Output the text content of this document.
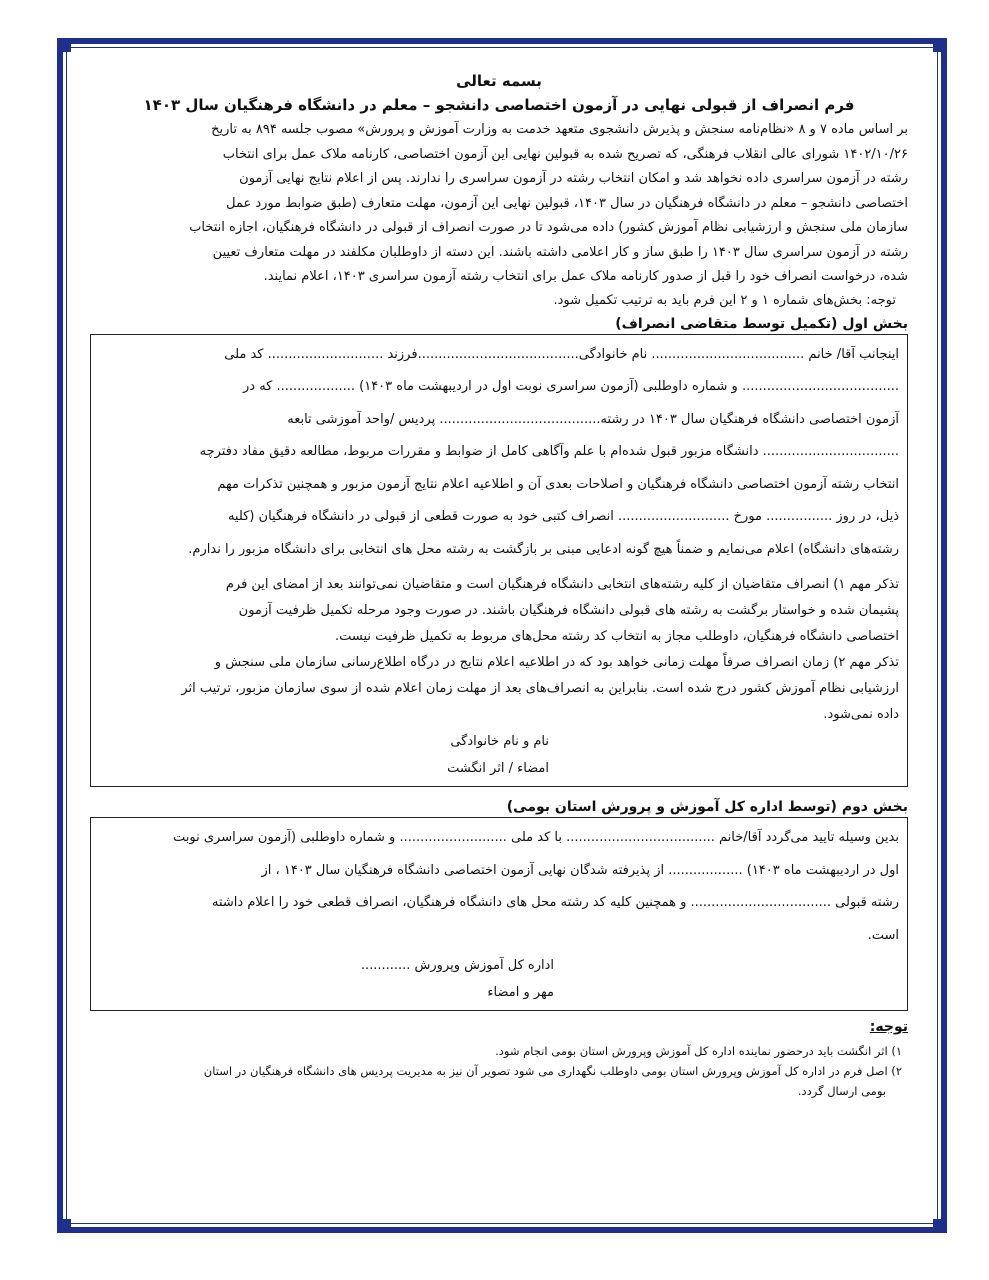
بسمه تعالی
فرم انصراف از قبولی نهایی در آزمون اختصاصی دانشجو – معلم در دانشگاه فرهنگیان سال ۱۴۰۳

بر اساس ماده ۷ و ۸ «نظام‌نامه سنجش و پذیرش دانشجوی متعهد خدمت به وزارت آموزش و پرورش» مصوب جلسه ۸۹۴ به تاریخ

۱۴۰۲/۱۰/۲۶ شورای عالی انقلاب فرهنگی، که تصریح شده به قبولین نهایی این آزمون اختصاصی، کارنامه ملاک عمل برای انتخاب

رشته در آزمون سراسری داده نخواهد شد و امکان انتخاب رشته در آزمون سراسری را ندارند. پس از اعلام نتایج نهایی آزمون

اختصاصی دانشجو – معلم در دانشگاه فرهنگیان در سال ۱۴۰۳، قبولین نهایی این آزمون، مهلت متعارف (طبق ضوابط مورد عمل

سازمان ملی سنجش و ارزشیابی نظام آموزش کشور) داده می‌شود تا در صورت انصراف از قبولی در دانشگاه فرهنگیان، اجازه انتخاب

رشته در آزمون سراسری سال ۱۴۰۳ را طبق ساز و کار اعلامی داشته باشند. این دسته از داوطلبان مکلفند در مهلت متعارف تعیین

شده، درخواست انصراف خود را قبل از صدور کارنامه ملاک عمل برای انتخاب رشته آزمون سراسری ۱۴۰۳، اعلام نمایند.

توجه: بخش‌های شماره ۱ و ۲ این فرم باید به ترتیب تکمیل شود.

بخش اول (تکمیل توسط متقاضی انصراف)

اینجانب آقا/ خانم ..................................... نام خانوادگی.......................................فرزند ............................ کد ملی

...................................... و شماره داوطلبی (آزمون سراسری نوبت اول در اردیبهشت ماه ۱۴۰۳) ................... که در

آزمون اختصاصی دانشگاه فرهنگیان سال ۱۴۰۳ در رشته....................................... پردیس /واحد آموزشی تابعه

................................. دانشگاه مزبور قبول شده‌ام با علم وآگاهی کامل از ضوابط و مقررات مربوط، مطالعه دقیق مفاد دفترچه

انتخاب رشته آزمون اختصاصی دانشگاه فرهنگیان و اصلاحات بعدی آن و اطلاعیه اعلام نتایج آزمون مزبور و همچنین تذکرات مهم

ذیل، در روز ................ مورخ ........................... انصراف کتبی خود به صورت قطعی از قبولی در دانشگاه فرهنگیان (کلیه

رشته‌های دانشگاه) اعلام می‌نمایم و ضمناً هیچ گونه ادعایی مبنی بر بازگشت به رشته محل های انتخابی برای دانشگاه مزبور را ندارم.

تذکر مهم ۱) انصراف متقاضیان از کلیه رشته‌های انتخابی دانشگاه فرهنگیان است و متقاضیان نمی‌توانند بعد از امضای این فرم

پشیمان شده و خواستار برگشت به رشته های قبولی دانشگاه فرهنگیان باشند. در صورت وجود مرحله تکمیل ظرفیت آزمون

اختصاصی دانشگاه فرهنگیان، داوطلب مجاز به انتخاب کد رشته محل‌های مربوط به تکمیل ظرفیت نیست.

تذکر مهم ۲) زمان انصراف صرفاً مهلت زمانی خواهد بود که در اطلاعیه اعلام نتایج در درگاه اطلاع‌رسانی سازمان ملی سنجش و

ارزشیابی نظام آموزش کشور درج شده است. بنابراین به انصراف‌های بعد از مهلت زمان اعلام شده از سوی سازمان مزبور، ترتیب اثر

داده نمی‌شود.

نام و نام خانوادگی
امضاء / اثر انگشت
بخش دوم (توسط اداره کل آموزش و پرورش استان بومی)

بدین وسیله تایید می‌گردد آقا/خانم .................................... با کد ملی .......................... و شماره داوطلبی (آزمون سراسری نوبت

اول در اردیبهشت ماه ۱۴۰۳) .................. از پذیرفته شدگان نهایی آزمون اختصاصی دانشگاه فرهنگیان سال ۱۴۰۳ ، از

رشته قبولی .................................. و همچنین کلیه کد رشته محل های دانشگاه فرهنگیان، انصراف قطعی خود را اعلام داشته

است.

اداره کل آموزش وپرورش ............
مهر و امضاء
توجه:

۱) اثر انگشت باید درحضور نماینده اداره کل آموزش وپرورش استان بومی انجام شود.

۲) اصل فرم در اداره کل آموزش وپرورش استان بومی داوطلب نگهداری می شود تصویر آن نیز به مدیریت پردیس های دانشگاه فرهنگیان در استان

بومی ارسال گردد.
